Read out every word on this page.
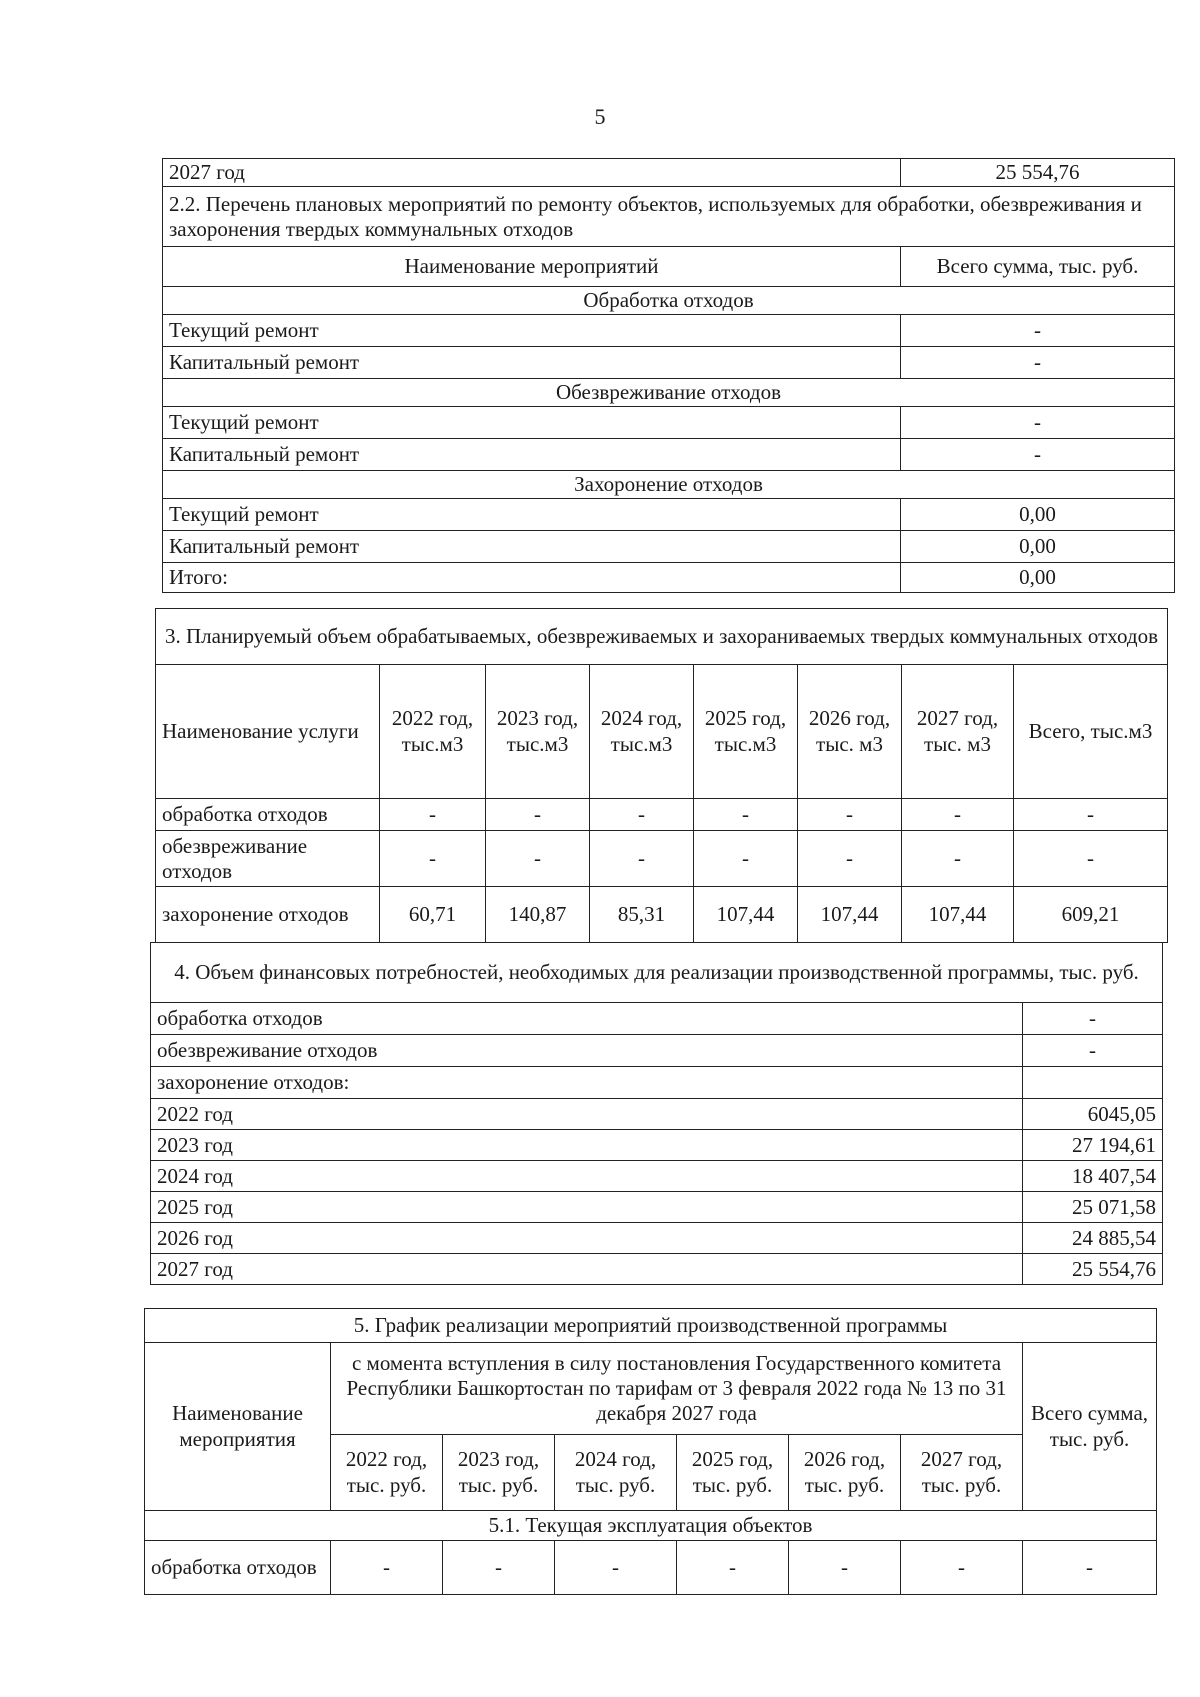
5
2027 год	25 554,76
2.2. Перечень плановых мероприятий по ремонту объектов, используемых для обработки, обезвреживания и захоронения твердых коммунальных отходов	
Наименование мероприятий	Всего сумма, тыс. руб.
Обработка отходов	
Текущий ремонт	-
Капитальный ремонт	-
Обезвреживание отходов	
Текущий ремонт	-
Капитальный ремонт	-
Захоронение отходов	
Текущий ремонт	0,00
Капитальный ремонт	0,00
Итого:	0,00
3. Планируемый объем обрабатываемых, обезвреживаемых и захораниваемых твердых коммунальных отходов							
Наименование услуги	2022 год, тыс.м3	2023 год, тыс.м3	2024 год, тыс.м3	2025 год, тыс.м3	2026 год, тыс. м3	2027 год, тыс. м3	Всего, тыс.м3
обработка отходов	-	-	-	-	-	-	-
обезвреживание отходов	-	-	-	-	-	-	-
захоронение отходов	60,71	140,87	85,31	107,44	107,44	107,44	609,21
4. Объем финансовых потребностей, необходимых для реализации производственной программы, тыс. руб.	
обработка отходов	-
обезвреживание отходов	-
захоронение отходов:	
2022 год	6045,05
2023 год	27 194,61
2024 год	18 407,54
2025 год	25 071,58
2026 год	24 885,54
2027 год	25 554,76
5. График реализации мероприятий производственной программы							
Наименование мероприятия	с момента вступления в силу постановления Государственного комитета Республики Башкортостан по тарифам от 3 февраля 2022 года № 13 по 31 декабря 2027 года						Всего сумма, тыс. руб.
	2022 год, тыс. руб.	2023 год, тыс. руб.	2024 год, тыс. руб.	2025 год, тыс. руб.	2026 год, тыс. руб.	2027 год, тыс. руб.	
5.1. Текущая эксплуатация объектов							
обработка отходов	-	-	-	-	-	-	-
